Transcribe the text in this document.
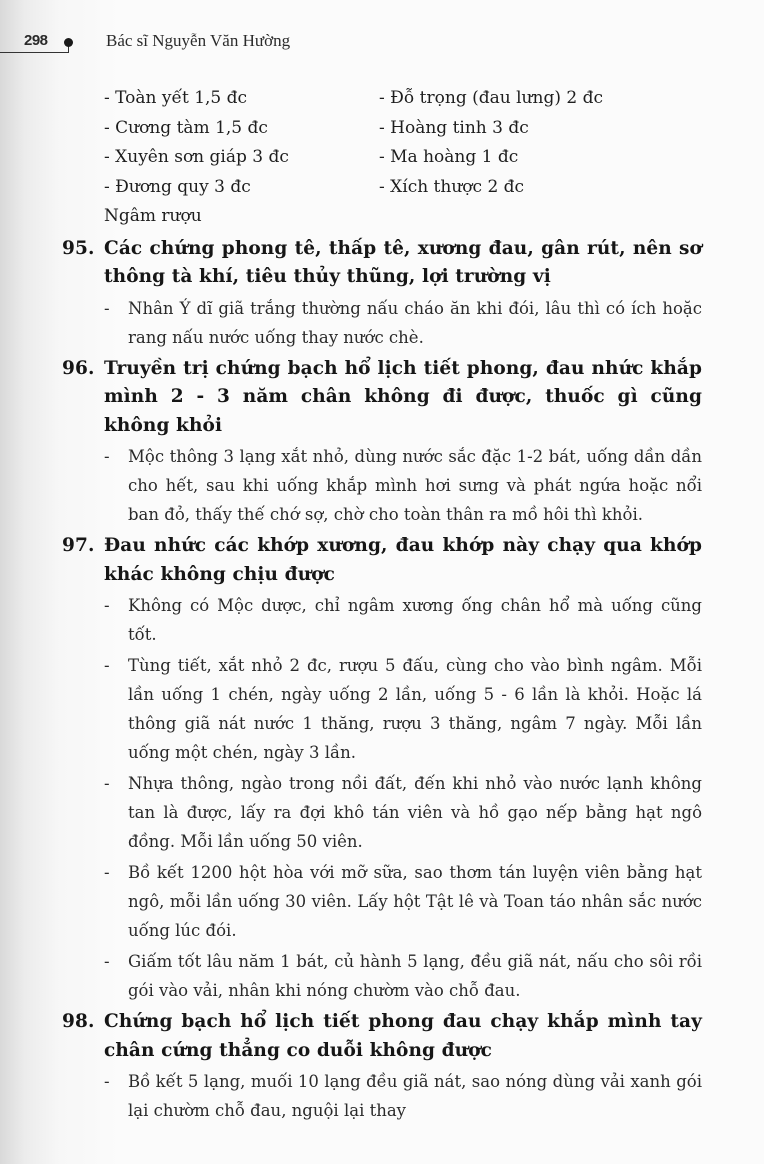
298	Bác sĩ Nguyễn Văn Hường
- Toàn yết 1,5 đc	- Đỗ trọng (đau lưng) 2 đc
- Cương tàm 1,5 đc	- Hoàng tinh 3 đc
- Xuyên sơn giáp 3 đc	- Ma hoàng 1 đc
- Đương quy 3 đc	- Xích thược 2 đc
Ngâm rượu
95. Các chứng phong tê, thấp tê, xương đau, gân rút, nên sơ thông tà khí, tiêu thủy thũng, lợi trường vị
-	Nhân Ý dĩ giã trắng thường nấu cháo ăn khi đói, lâu thì có ích hoặc rang nấu nước uống thay nước chè.
96. Truyền trị chứng bạch hổ lịch tiết phong, đau nhức khắp mình 2 - 3 năm chân không đi được, thuốc gì cũng không khỏi
-	Mộc thông 3 lạng xắt nhỏ, dùng nước sắc đặc 1-2 bát, uống dần dần cho hết, sau khi uống khắp mình hơi sưng và phát ngứa hoặc nổi ban đỏ, thấy thế chớ sợ, chờ cho toàn thân ra mồ hôi thì khỏi.
97. Đau nhức các khớp xương, đau khớp này chạy qua khớp khác không chịu được
-	Không có Mộc dược, chỉ ngâm xương ống chân hổ mà uống cũng tốt.
-	Tùng tiết, xắt nhỏ 2 đc, rượu 5 đấu, cùng cho vào bình ngâm. Mỗi lần uống 1 chén, ngày uống 2 lần, uống 5 - 6 lần là khỏi. Hoặc lá thông giã nát nước 1 thăng, rượu 3 thăng, ngâm 7 ngày. Mỗi lần uống một chén, ngày 3 lần.
-	Nhựa thông, ngào trong nồi đất, đến khi nhỏ vào nước lạnh không tan là được, lấy ra đợi khô tán viên và hồ gạo nếp bằng hạt ngô đồng. Mỗi lần uống 50 viên.
-	Bồ kết 1200 hột hòa với mỡ sữa, sao thơm tán luyện viên bằng hạt ngô, mỗi lần uống 30 viên. Lấy hột Tật lê và Toan táo nhân sắc nước uống lúc đói.
-	Giấm tốt lâu năm 1 bát, củ hành 5 lạng, đều giã nát, nấu cho sôi rồi gói vào vải, nhân khi nóng chườm vào chỗ đau.
98. Chứng bạch hổ lịch tiết phong đau chạy khắp mình tay chân cứng thẳng co duỗi không được
-	Bồ kết 5 lạng, muối 10 lạng đều giã nát, sao nóng dùng vải xanh gói lại chườm chỗ đau, nguội lại thay
